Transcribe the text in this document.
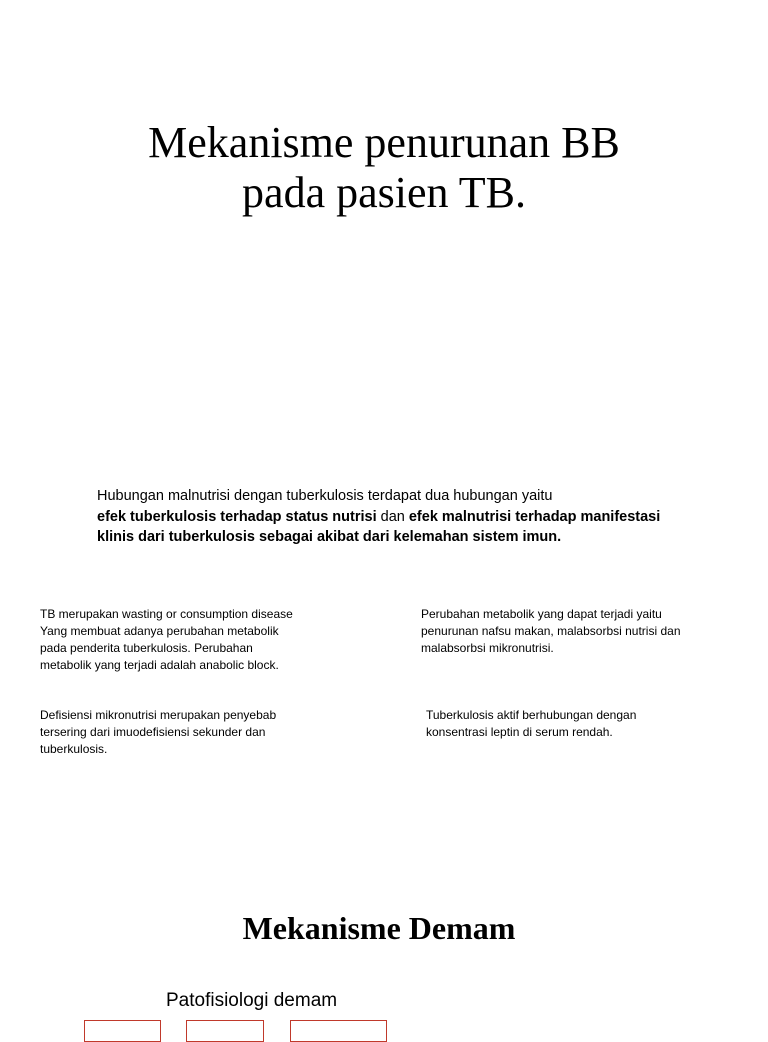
Mekanisme penurunan BB
pada pasien TB.
Hubungan malnutrisi dengan tuberkulosis terdapat dua hubungan yaitu
efek tuberkulosis terhadap status nutrisi dan efek malnutrisi terhadap manifestasi klinis dari tuberkulosis sebagai akibat dari kelemahan sistem imun.
TB merupakan wasting or consumption disease
Yang membuat adanya perubahan metabolik
pada penderita tuberkulosis. Perubahan
metabolik yang terjadi adalah anabolic block.
Perubahan metabolik yang dapat terjadi yaitu
penurunan nafsu makan, malabsorbsi nutrisi dan
malabsorbsi mikronutrisi.
Defisiensi mikronutrisi merupakan penyebab
tersering dari imuodefisiensi sekunder dan
tuberkulosis.
Tuberkulosis aktif berhubungan dengan
konsentrasi leptin di serum rendah.
Mekanisme Demam
Patofisiologi demam
